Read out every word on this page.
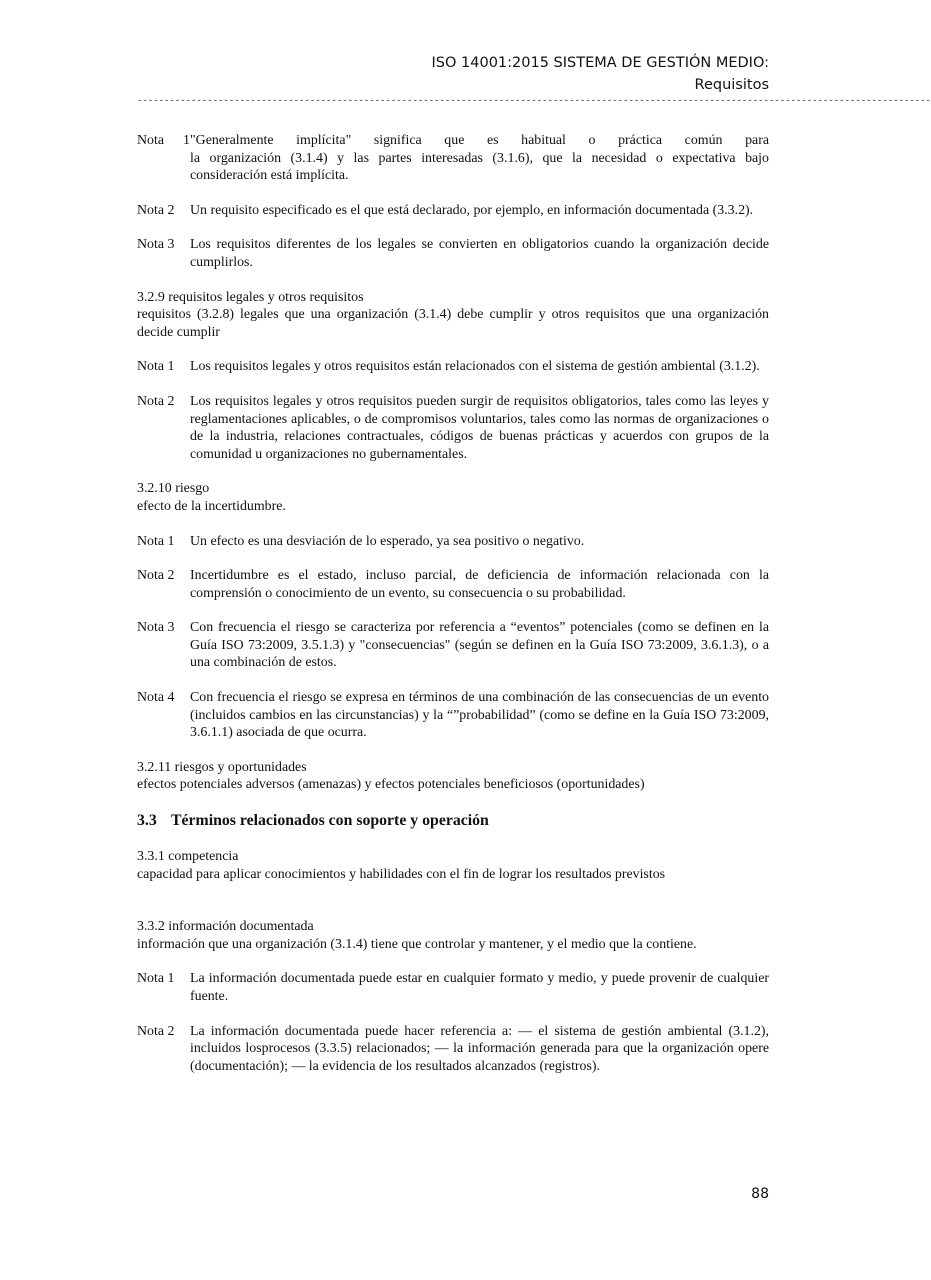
ISO 14001:2015 SISTEMA DE GESTIÓN MEDIO:
Requisitos
---------------------------------------------------------------------------------------------------------------------------------------------------
Nota 1"Generalmente implícita" significa que es habitual o práctica común para
la organización (3.1.4) y las partes interesadas (3.1.6), que la necesidad o expectativa bajo consideración está implícita.
Nota 2	Un requisito especificado es el que está declarado, por ejemplo, en información documentada (3.3.2).
Nota 3	Los requisitos diferentes de los legales se convierten en obligatorios cuando la organización decide cumplirlos.

3.2.9 requisitos legales y otros requisitos

requisitos (3.2.8) legales que una organización (3.1.4) debe cumplir y otros requisitos que una organización decide cumplir

Nota 1	Los requisitos legales y otros requisitos están relacionados con el sistema de gestión ambiental (3.1.2).
Nota 2	Los requisitos legales y otros requisitos pueden surgir de requisitos obligatorios, tales como las leyes y reglamentaciones aplicables, o de compromisos voluntarios, tales como las normas de organizaciones o de la industria, relaciones contractuales, códigos de buenas prácticas y acuerdos con grupos de la comunidad u organizaciones no gubernamentales.

3.2.10 riesgo

efecto de la incertidumbre.

Nota 1	Un efecto es una desviación de lo esperado, ya sea positivo o negativo.
Nota 2	Incertidumbre es el estado, incluso parcial, de deficiencia de información relacionada con la comprensión o conocimiento de un evento, su consecuencia o su probabilidad.
Nota 3	Con frecuencia el riesgo se caracteriza por referencia a “eventos” potenciales (como se definen en la Guía ISO 73:2009, 3.5.1.3) y "consecuencias" (según se definen en la Guía ISO 73:2009, 3.6.1.3), o a una combinación de estos.
Nota 4	Con frecuencia el riesgo se expresa en términos de una combinación de las consecuencias de un evento (incluidos cambios en las circunstancias) y la “”probabilidad” (como se define en la Guía ISO 73:2009, 3.6.1.1) asociada de que ocurra.

3.2.11 riesgos y oportunidades

efectos potenciales adversos (amenazas) y efectos potenciales beneficiosos (oportunidades)

3.3 Términos relacionados con soporte y operación

3.3.1 competencia

capacidad para aplicar conocimientos y habilidades con el fin de lograr los resultados previstos

3.3.2 información documentada

información que una organización (3.1.4) tiene que controlar y mantener, y el medio que la contiene.

Nota 1	La información documentada puede estar en cualquier formato y medio, y puede provenir de cualquier fuente.
Nota 2	La información documentada puede hacer referencia a: — el sistema de gestión ambiental (3.1.2), incluidos losprocesos (3.3.5) relacionados; — la información generada para que la organización opere (documentación); — la evidencia de los resultados alcanzados (registros).
88
